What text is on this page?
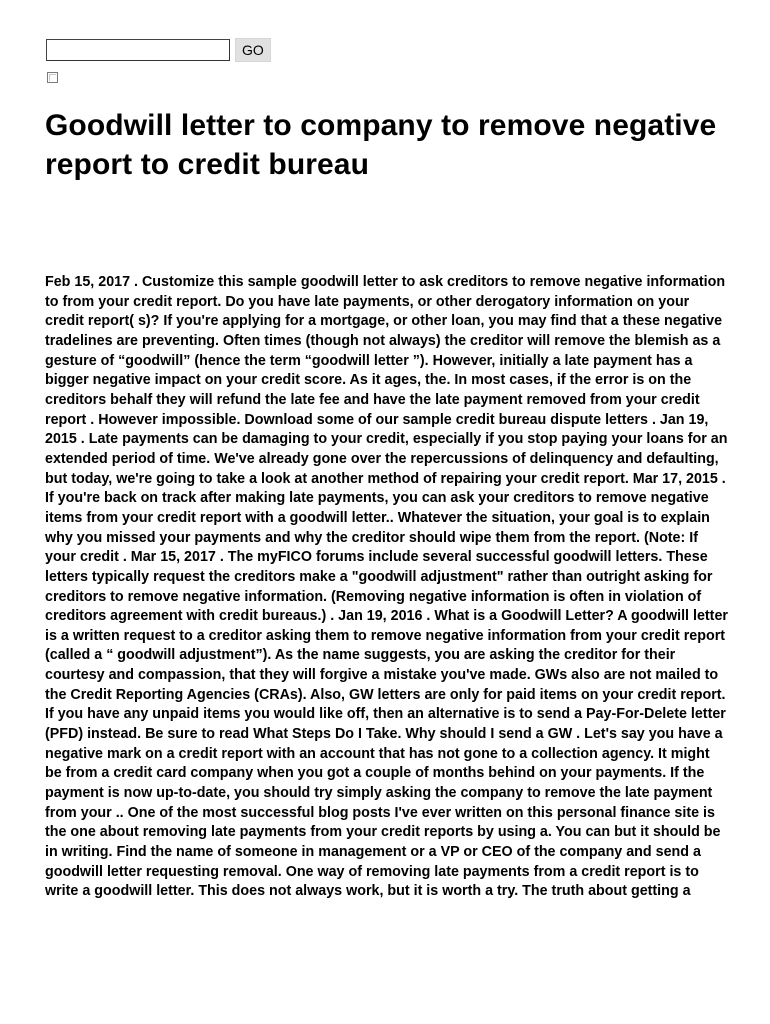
GO
Goodwill letter to company to remove negative report to credit bureau

Feb 15, 2017 . Customize this sample goodwill letter to ask creditors to remove negative information to from your credit report. Do you have late payments, or other derogatory information on your credit report( s)? If you're applying for a mortgage, or other loan, you may find that a these negative tradelines are preventing. Often times (though not always) the creditor will remove the blemish as a gesture of “goodwill” (hence the term “goodwill letter ”). However, initially a late payment has a bigger negative impact on your credit score. As it ages, the. In most cases, if the error is on the creditors behalf they will refund the late fee and have the late payment removed from your credit report . However impossible. Download some of our sample credit bureau dispute letters . Jan 19, 2015 . Late payments can be damaging to your credit, especially if you stop paying your loans for an extended period of time. We've already gone over the repercussions of delinquency and defaulting, but today, we're going to take a look at another method of repairing your credit report. Mar 17, 2015 . If you're back on track after making late payments, you can ask your creditors to remove negative items from your credit report with a goodwill letter.. Whatever the situation, your goal is to explain why you missed your payments and why the creditor should wipe them from the report. (Note: If your credit . Mar 15, 2017 . The myFICO forums include several successful goodwill letters. These letters typically request the creditors make a "goodwill adjustment" rather than outright asking for creditors to remove negative information. (Removing negative information is often in violation of creditors agreement with credit bureaus.) . Jan 19, 2016 . What is a Goodwill Letter? A goodwill letter is a written request to a creditor asking them to remove negative information from your credit report (called a “ goodwill adjustment”). As the name suggests, you are asking the creditor for their courtesy and compassion, that they will forgive a mistake you've made. GWs also are not mailed to the Credit Reporting Agencies (CRAs). Also, GW letters are only for paid items on your credit report. If you have any unpaid items you would like off, then an alternative is to send a Pay-For-Delete letter (PFD) instead. Be sure to read What Steps Do I Take. Why should I send a GW . Let's say you have a negative mark on a credit report with an account that has not gone to a collection agency. It might be from a credit card company when you got a couple of months behind on your payments. If the payment is now up-to-date, you should try simply asking the company to remove the late payment from your .. One of the most successful blog posts I've ever written on this personal finance site is the one about removing late payments from your credit reports by using a. You can but it should be in writing. Find the name of someone in management or a VP or CEO of the company and send a goodwill letter requesting removal. One way of removing late payments from a credit report is to write a goodwill letter. This does not always work, but it is worth a try. The truth about getting a
